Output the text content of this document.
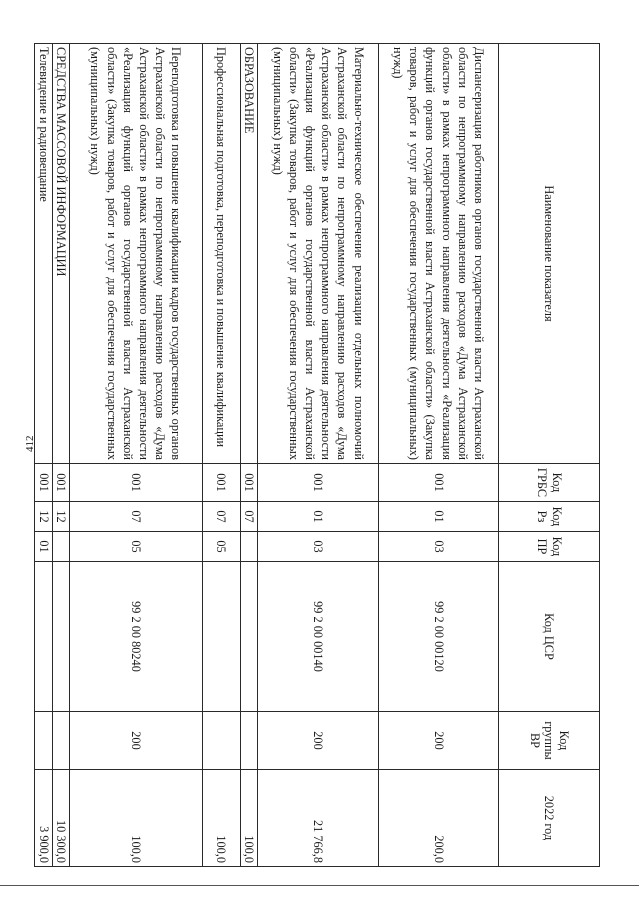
412
Наименование показателя	Код ГРБС	Код Рз	Код ПР	Код ЦСР	Код группы ВР	2022 год
Диспансеризация работников органов государственной власти Астраханской области по непрограммному направлению расходов «Дума Астраханской области» в рамках непрограммного направления деятельности «Реализация функций органов государственной власти Астраханской области» (Закупка товаров, работ и услуг для обеспечения государственных (муниципальных) нужд)	001	01	03	99 2 00 00120	200	200,0
Материально-техническое обеспечение реализации отдельных полномочий Астраханской области по непрограммному направлению расходов «Дума Астраханской области» в рамках непрограммного направления деятельности «Реализация функций органов государственной власти Астраханской области» (Закупка товаров, работ и услуг для обеспечения государственных (муниципальных) нужд)	001	01	03	99 2 00 00140	200	21 766,8
ОБРАЗОВАНИЕ	001	07				100,0
Профессиональная подготовка, переподготовка и повышение квалификации	001	07	05			100,0
Переподготовка и повышение квалификации кадров государственных органов Астраханской области по непрограммному направлению расходов «Дума Астраханской области» в рамках непрограммного направления деятельности «Реализация функций органов государственной власти Астраханской области» (Закупка товаров, работ и услуг для обеспечения государственных (муниципальных) нужд)	001	07	05	99 2 00 80240	200	100,0
СРЕДСТВА МАССОВОЙ ИНФОРМАЦИИ	001	12				10 300,0
Телевидение и радиовещание	001	12	01			3 900,0
